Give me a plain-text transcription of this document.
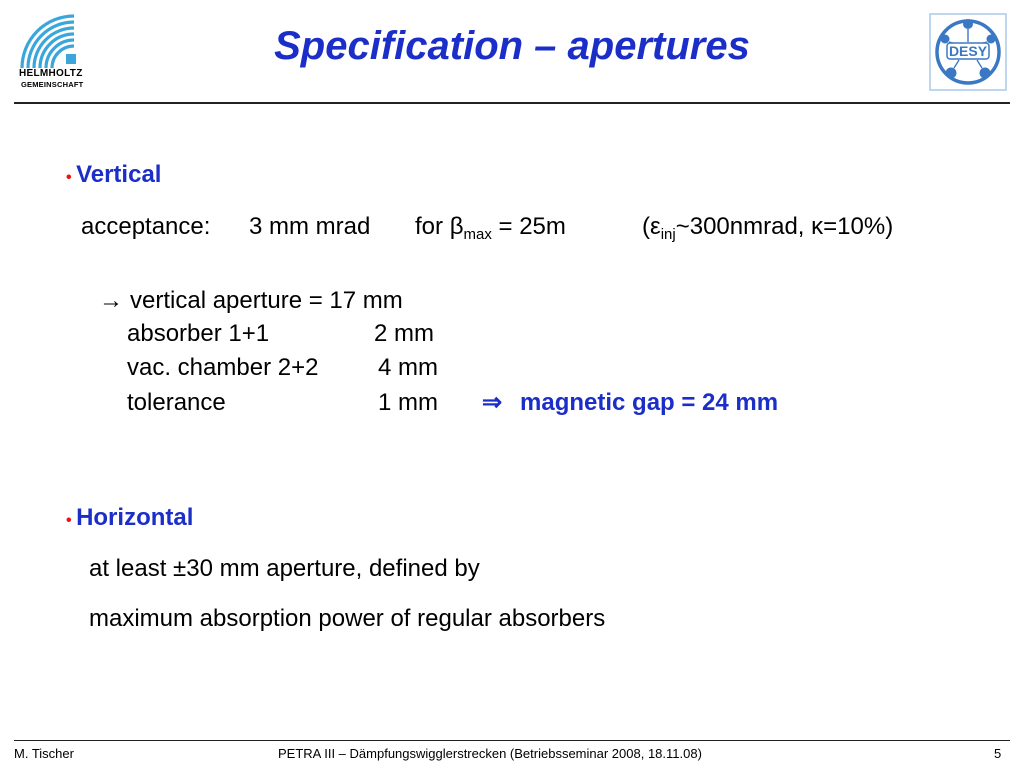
HELMHOLTZ
GEMEINSCHAFT
Specification – apertures	DESY
• Vertical
acceptance: 3 mm mrad for $\beta_{max} = 25m$	($\varepsilon_{inj}\sim 300nmrad$, κ=10%)
→ vertical aperture = 17 mm
absorber 1+1	2 mm
vac. chamber 2+2 4 mm
tolerance	1 mm ⇒ magnetic gap = 24 mm
• Horizontal
at least ±30 mm aperture, defined by
maximum absorption power of regular absorbers
M. Tischer	PETRA III – Dämpfungswigglerstrecken (Betriebsseminar 2008, 18.11.08)	5
